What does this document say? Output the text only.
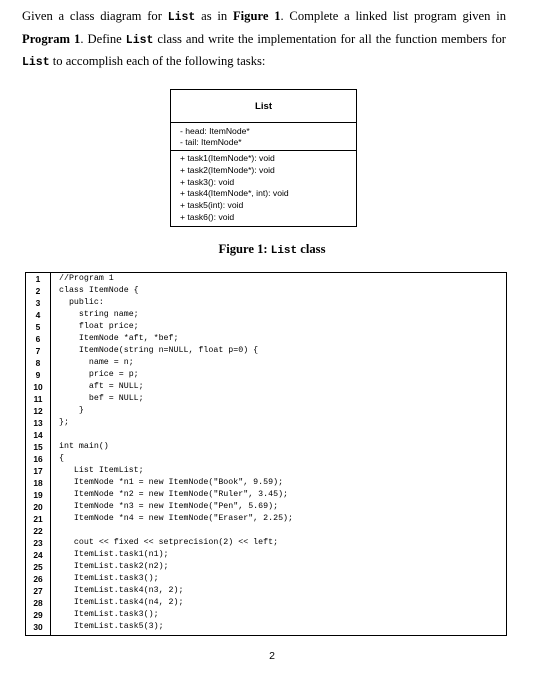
Given a class diagram for List as in Figure 1. Complete a linked list program given in Program 1. Define List class and write the implementation for all the function members for List to accomplish each of the following tasks:
List
- head: ItemNode*
- tail: ItemNode*
+ task1(ItemNode*): void
+ task2(ItemNode*): void
+ task3(): void
+ task4(ItemNode*, int): void
+ task5(int): void
+ task6(): void
Figure 1: List class
1
2
3
4
5
6
7
8
9
10
11
12
13
14
15
16
17
18
19
20
21
22
23
24
25
26
27
28
29
30
//Program 1
class ItemNode {
public:
string name;
float price;
ItemNode *aft, *bef;
ItemNode(string n=NULL, float p=0) {
name = n;
price = p;
aft = NULL;
bef = NULL;
}
};
int main()
{
List ItemList;
ItemNode *n1 = new ItemNode("Book", 9.59);
ItemNode *n2 = new ItemNode("Ruler", 3.45);
ItemNode *n3 = new ItemNode("Pen", 5.69);
ItemNode *n4 = new ItemNode("Eraser", 2.25);
cout << fixed << setprecision(2) << left;
ItemList.task1(n1);
ItemList.task2(n2);
ItemList.task3();
ItemList.task4(n3, 2);
ItemList.task4(n4, 2);
ItemList.task3();
ItemList.task5(3);
2
